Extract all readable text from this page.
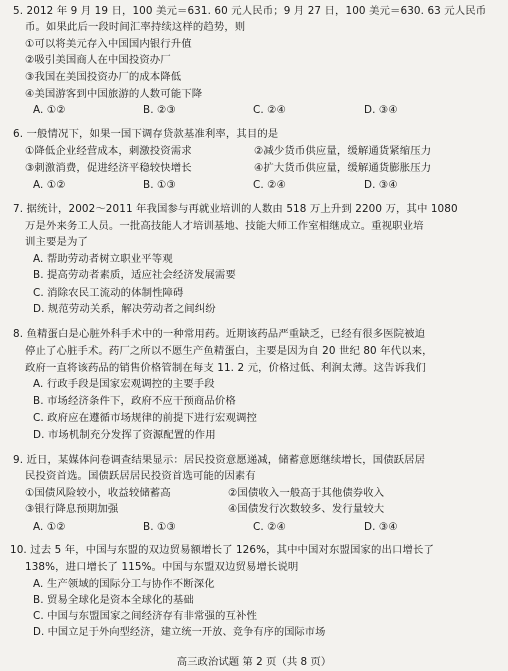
5. 2012 年 9 月 19 日，100 美元＝631. 60 元人民币；9 月 27 日，100 美元＝630. 63 元人民币
币。如果此后一段时间汇率持续这样的趋势，则
①可以将美元存入中国国内银行升值
②吸引美国商人在中国投资办厂
③我国在美国投资办厂的成本降低
④美国游客到中国旅游的人数可能下降
A. ①②	B. ②③	C. ②④	D. ③④
6. 一般情况下，如果一国下调存贷款基准利率，其目的是
①降低企业经营成本，刺激投资需求	②减少货币供应量，缓解通货紧缩压力
③刺激消费，促进经济平稳较快增长	④扩大货币供应量，缓解通货膨胀压力
A. ①②	B. ①③	C. ②④	D. ③④
7. 据统计，2002～2011 年我国参与再就业培训的人数由 518 万上升到 2200 万，其中 1080
万是外来务工人员。一批高技能人才培训基地、技能大师工作室相继成立。重视职业培
训主要是为了
A. 帮助劳动者树立职业平等观
B. 提高劳动者素质，适应社会经济发展需要
C. 消除农民工流动的体制性障碍
D. 规范劳动关系，解决劳动者之间纠纷
8. 鱼精蛋白是心脏外科手术中的一种常用药。近期该药品严重缺乏，已经有很多医院被迫
停止了心脏手术。药厂之所以不愿生产鱼精蛋白，主要是因为自 20 世纪 80 年代以来，
政府一直将该药品的销售价格管制在每支 11. 2 元，价格过低、利润太薄。这告诉我们
A. 行政手段是国家宏观调控的主要手段
B. 市场经济条件下，政府不应干预商品价格
C. 政府应在遵循市场规律的前提下进行宏观调控
D. 市场机制充分发挥了资源配置的作用
9. 近日，某媒体问卷调查结果显示：居民投资意愿递减，储蓄意愿继续增长，国债跃居居
民投资首选。国债跃居居民投资首选可能的因素有
①国债风险较小，收益较储蓄高	②国债收入一般高于其他债券收入
③银行降息预期加强	④国债发行次数较多、发行量较大
A. ①②	B. ①③	C. ②④	D. ③④
10. 过去 5 年，中国与东盟的双边贸易额增长了 126%，其中中国对东盟国家的出口增长了
138%，进口增长了 115%。中国与东盟双边贸易增长说明
A. 生产领域的国际分工与协作不断深化
B. 贸易全球化是资本全球化的基础
C. 中国与东盟国家之间经济存有非常强的互补性
D. 中国立足于外向型经济，建立统一开放、竞争有序的国际市场
高三政治试题 第 2 页（共 8 页）
